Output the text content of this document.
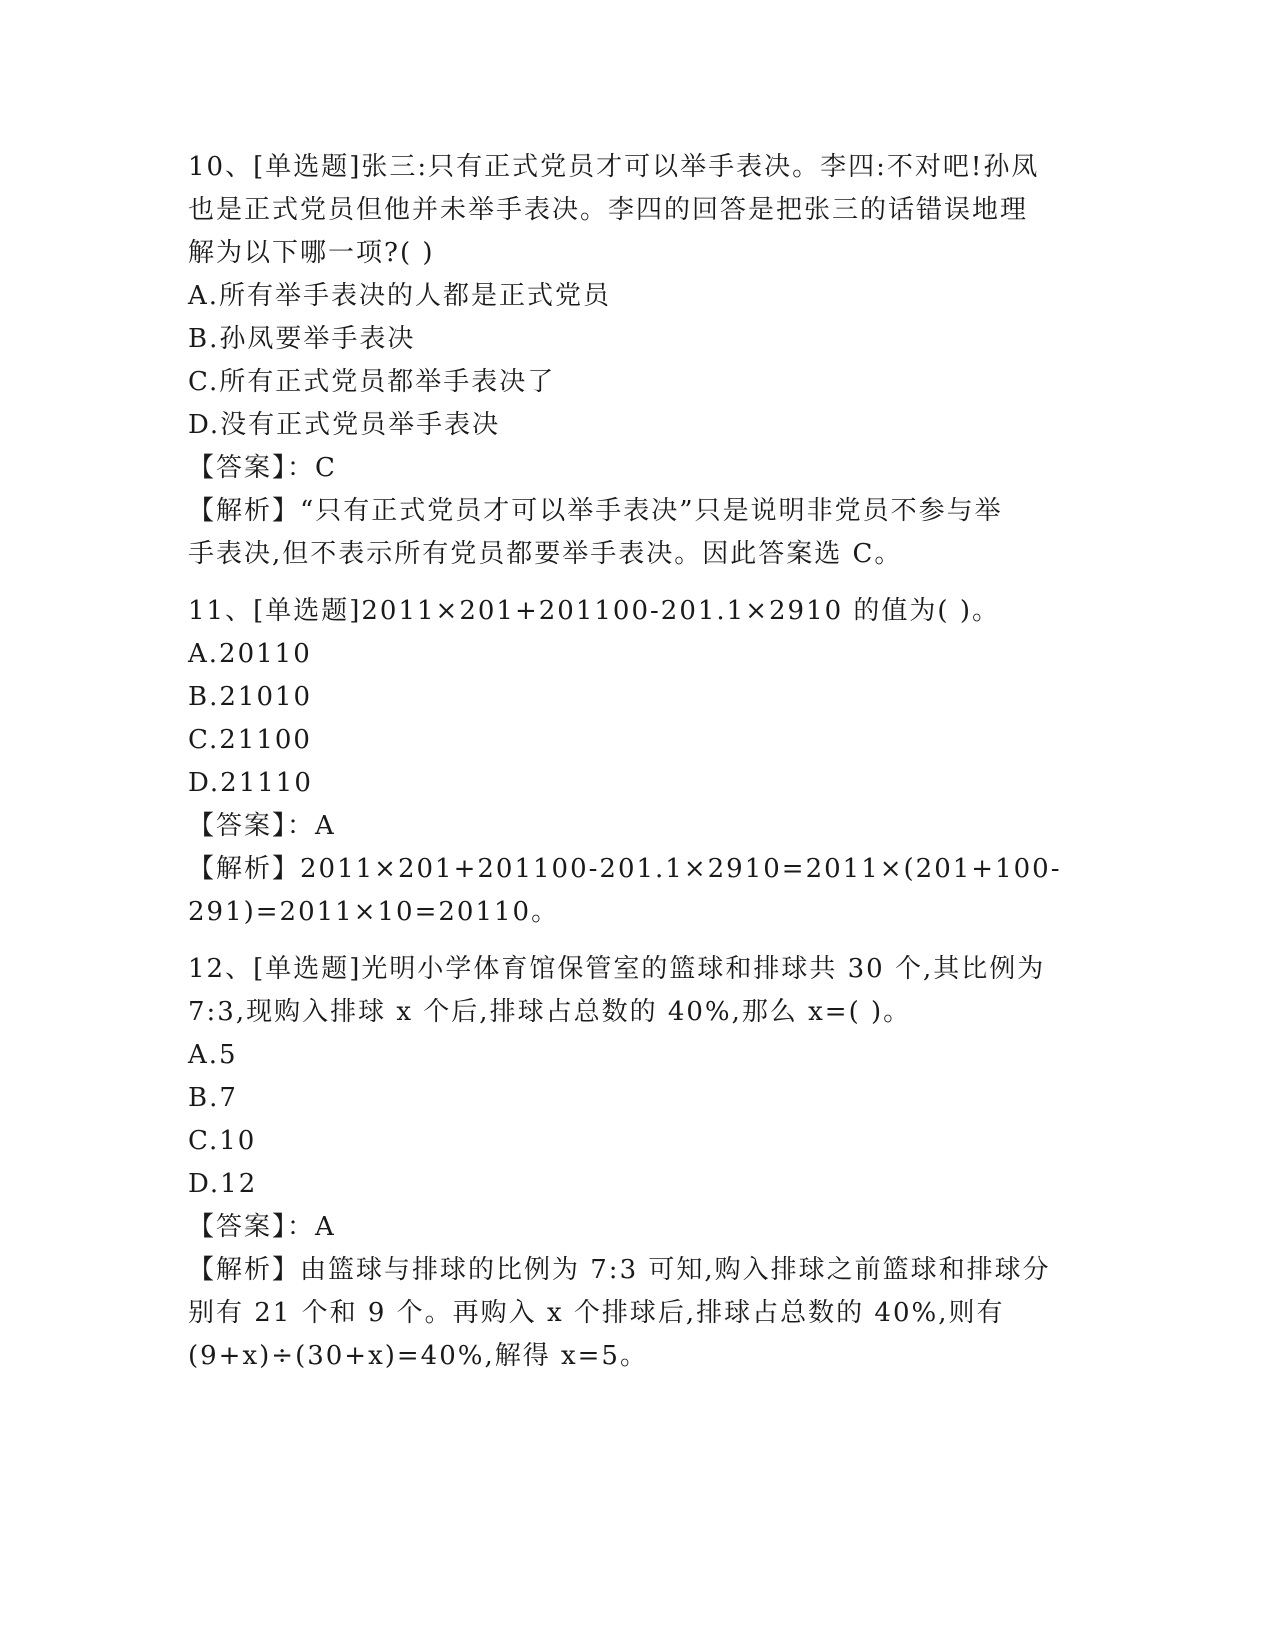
10、[单选题]张三:只有正式党员才可以举手表决。李四:不对吧!孙凤

也是正式党员但他并未举手表决。李四的回答是把张三的话错误地理

解为以下哪一项?( )

A.所有举手表决的人都是正式党员

B.孙凤要举手表决

C.所有正式党员都举手表决了

D.没有正式党员举手表决

【答案】：C

【解析】“只有正式党员才可以举手表决”只是说明非党员不参与举

手表决,但不表示所有党员都要举手表决。因此答案选 C。

11、[单选题]2011×201+201100-201.1×2910 的值为( )。

A.20110

B.21010

C.21100

D.21110

【答案】：A

【解析】2011×201+201100-201.1×2910=2011×(201+100-

291)=2011×10=20110。

12、[单选题]光明小学体育馆保管室的篮球和排球共 30 个,其比例为

7:3,现购入排球 x 个后,排球占总数的 40%,那么 x=( )。

A.5

B.7

C.10

D.12

【答案】：A

【解析】由篮球与排球的比例为 7:3 可知,购入排球之前篮球和排球分

别有 21 个和 9 个。再购入 x 个排球后,排球占总数的 40%,则有

(9+x)÷(30+x)=40%,解得 x=5。
